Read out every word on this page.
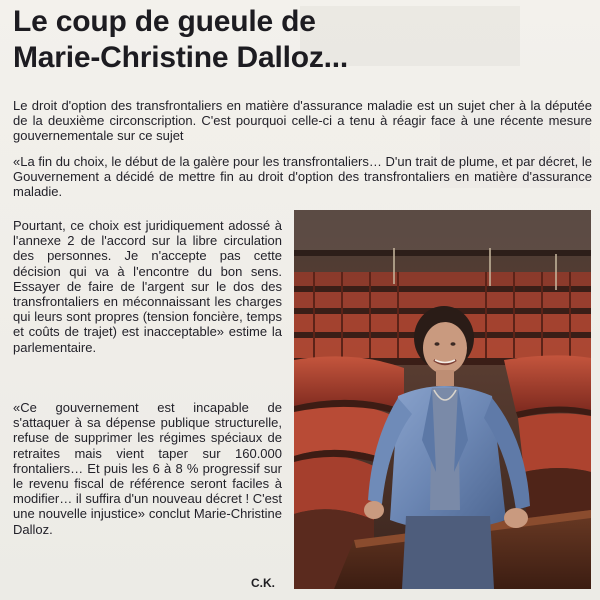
Le coup de gueule de
Marie-Christine Dalloz...

Le droit d'option des transfrontaliers en matière d'assurance maladie est un sujet cher à la députée de la deuxième circonscription. C'est pourquoi celle-ci a tenu à réagir face à une récente mesure gouvernementale sur ce sujet

«La fin du choix, le début de la galère pour les transfrontaliers… D'un trait de plume, et par décret, le Gouvernement a décidé de mettre fin au droit d'option des transfrontaliers en matière d'assurance maladie.

Pourtant, ce choix est juridiquement adossé à l'annexe 2 de l'accord sur la libre circulation des personnes. Je n'accepte pas cette décision qui va à l'encontre du bon sens. Essayer de faire de l'argent sur le dos des transfrontaliers en méconnaissant les charges qui leurs sont propres (tension foncière, temps et coûts de trajet) est inacceptable» estime la parlementaire.

«Ce gouvernement est incapable de s'attaquer à sa dépense publique structurelle, refuse de supprimer les régimes spéciaux de retraites mais vient taper sur 160.000 frontaliers… Et puis les 6 à 8 % progressif sur le revenu fiscal de référence seront faciles à modifier… il suffira d'un nouveau décret ! C'est une nouvelle injustice» conclut Marie-Christine Dalloz.

C.K.
